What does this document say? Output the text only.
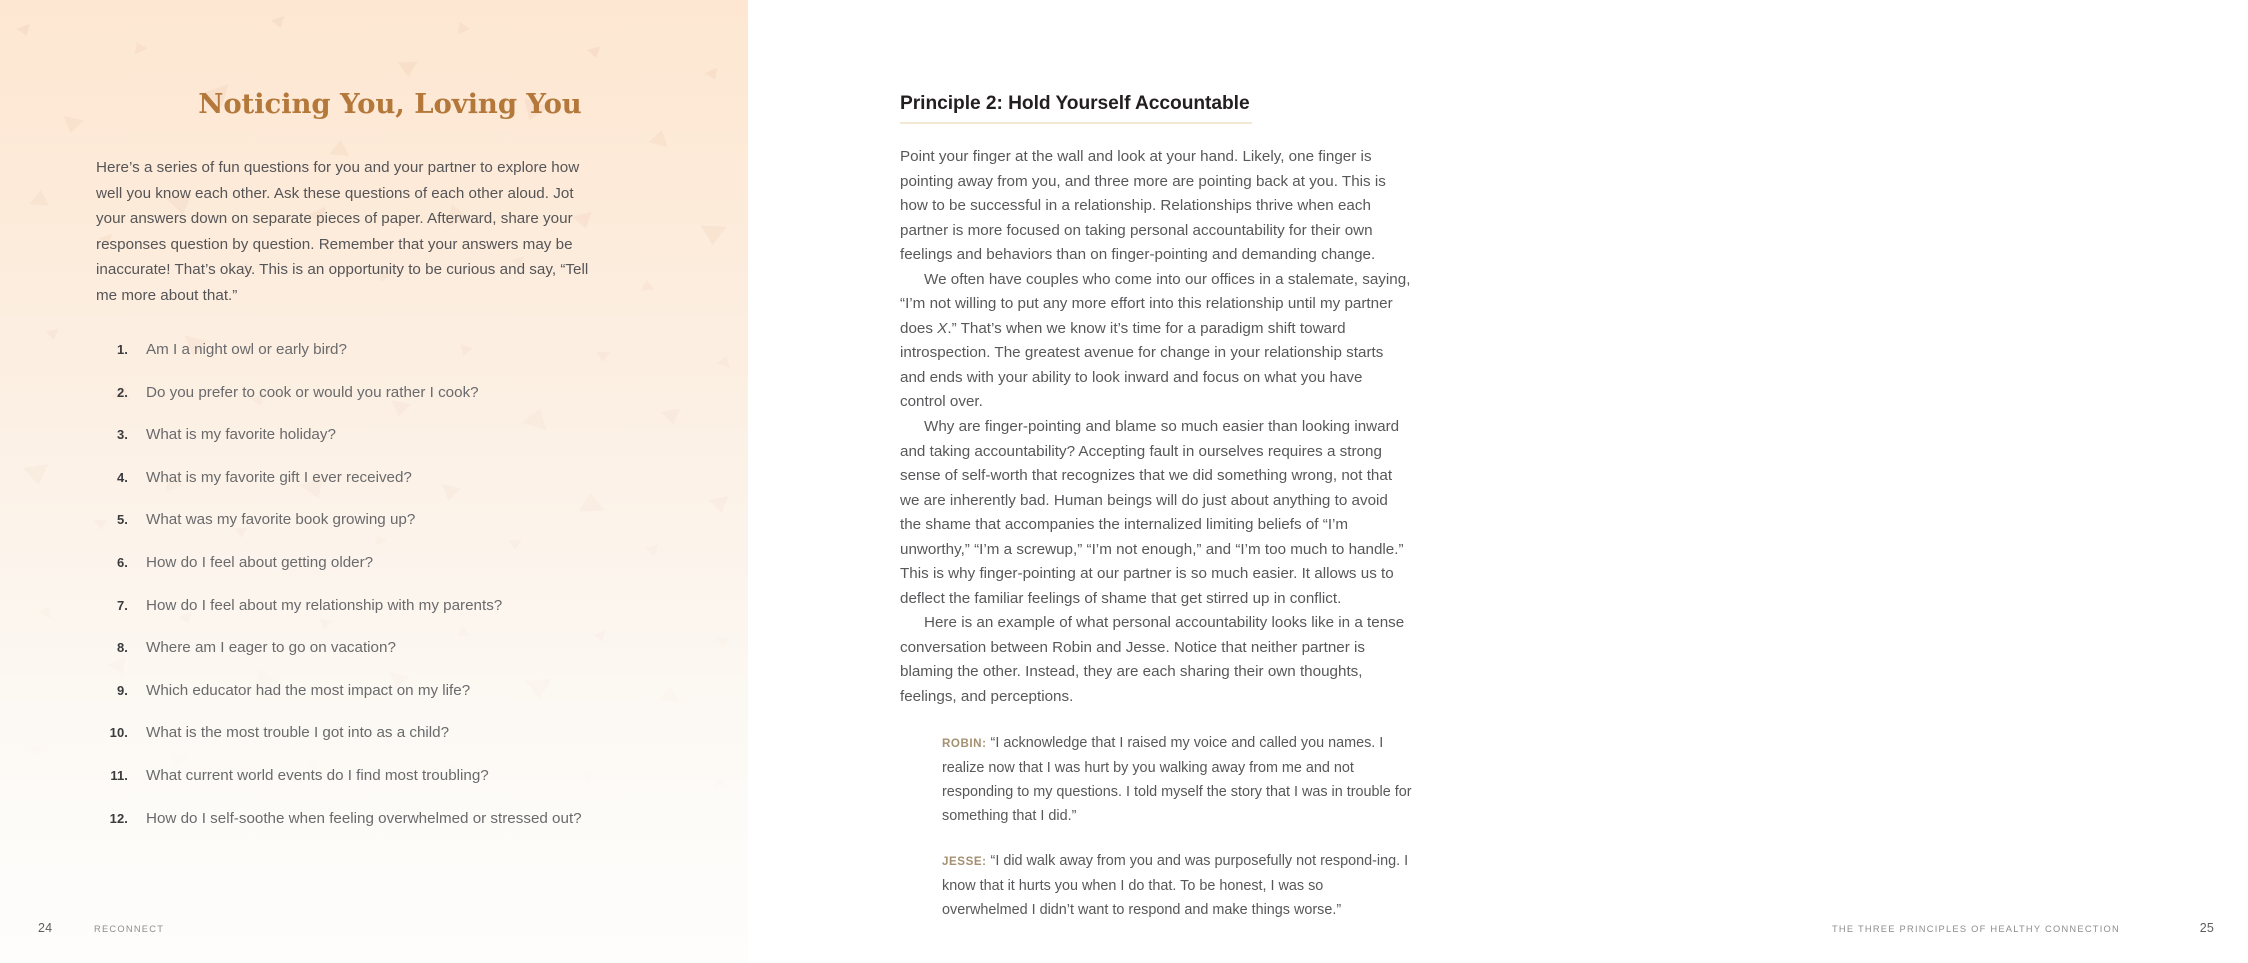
Noticing You, Loving You

Here’s a series of fun questions for you and your partner to explore how well you know each other. Ask these questions of each other aloud. Jot your answers down on separate pieces of paper. Afterward, share your responses question by question. Remember that your answers may be inaccurate! That’s okay. This is an opportunity to be curious and say, “Tell me more about that.”

1. Am I a night owl or early bird?
2. Do you prefer to cook or would you rather I cook?
3. What is my favorite holiday?
4. What is my favorite gift I ever received?
5. What was my favorite book growing up?
6. How do I feel about getting older?
7. How do I feel about my relationship with my parents?
8. Where am I eager to go on vacation?
9. Which educator had the most impact on my life?
10. What is the most trouble I got into as a child?
11. What current world events do I find most troubling?
12. How do I self-soothe when feeling overwhelmed or stressed out?
24	RECONNECT
Principle 2: Hold Yourself Accountable

Point your finger at the wall and look at your hand. Likely, one finger is pointing away from you, and three more are pointing back at you. This is how to be successful in a relationship. Relationships thrive when each partner is more focused on taking personal accountability for their own feelings and behaviors than on finger-pointing and demanding change.

We often have couples who come into our offices in a stalemate, saying, “I’m not willing to put any more effort into this relationship until my partner does X.” That’s when we know it’s time for a paradigm shift toward introspection. The greatest avenue for change in your relationship starts and ends with your ability to look inward and focus on what you have control over.

Why are finger-pointing and blame so much easier than looking inward and taking accountability? Accepting fault in ourselves requires a strong sense of self-worth that recognizes that we did something wrong, not that we are inherently bad. Human beings will do just about anything to avoid the shame that accompanies the internalized limiting beliefs of “I’m unworthy,” “I’m a screwup,” “I’m not enough,” and “I’m too much to handle.” This is why finger-pointing at our partner is so much easier. It allows us to deflect the familiar feelings of shame that get stirred up in conflict.

Here is an example of what personal accountability looks like in a tense conversation between Robin and Jesse. Notice that neither partner is blaming the other. Instead, they are each sharing their own thoughts, feelings, and perceptions.

ROBIN: “I acknowledge that I raised my voice and called you names. I realize now that I was hurt by you walking away from me and not responding to my questions. I told myself the story that I was in trouble for something that I did.”

JESSE: “I did walk away from you and was purposefully not respond-ing. I know that it hurts you when I do that. To be honest, I was so overwhelmed I didn’t want to respond and make things worse.”

THE THREE PRINCIPLES OF HEALTHY CONNECTION	25
